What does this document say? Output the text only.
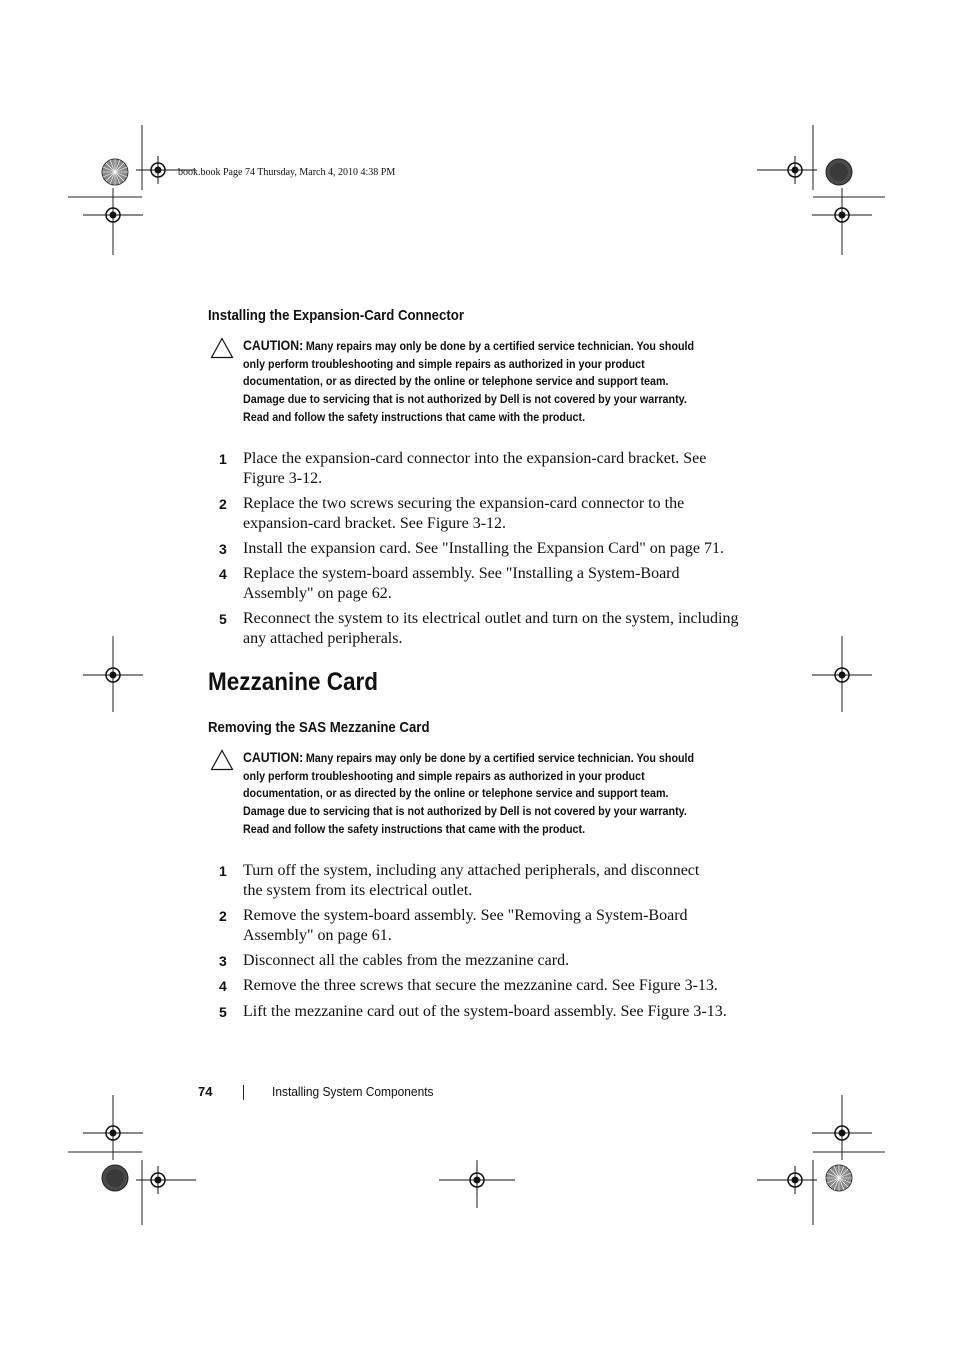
book.book Page 74 Thursday, March 4, 2010 4:38 PM
Installing the Expansion-Card Connector
CAUTION: Many repairs may only be done by a certified service technician. You should only perform troubleshooting and simple repairs as authorized in your product documentation, or as directed by the online or telephone service and support team. Damage due to servicing that is not authorized by Dell is not covered by your warranty. Read and follow the safety instructions that came with the product.
1	Place the expansion-card connector into the expansion-card bracket. See Figure 3-12.
2	Replace the two screws securing the expansion-card connector to the expansion-card bracket. See Figure 3-12.
3	Install the expansion card. See "Installing the Expansion Card" on page 71.
4	Replace the system-board assembly. See "Installing a System-Board Assembly" on page 62.
5	Reconnect the system to its electrical outlet and turn on the system, including any attached peripherals.
Mezzanine Card
Removing the SAS Mezzanine Card
CAUTION: Many repairs may only be done by a certified service technician. You should only perform troubleshooting and simple repairs as authorized in your product documentation, or as directed by the online or telephone service and support team. Damage due to servicing that is not authorized by Dell is not covered by your warranty. Read and follow the safety instructions that came with the product.
1	Turn off the system, including any attached peripherals, and disconnect the system from its electrical outlet.
2	Remove the system-board assembly. See "Removing a System-Board Assembly" on page 61.
3	Disconnect all the cables from the mezzanine card.
4	Remove the three screws that secure the mezzanine card. See Figure 3-13.
5	Lift the mezzanine card out of the system-board assembly. See Figure 3-13.
74	Installing System Components
